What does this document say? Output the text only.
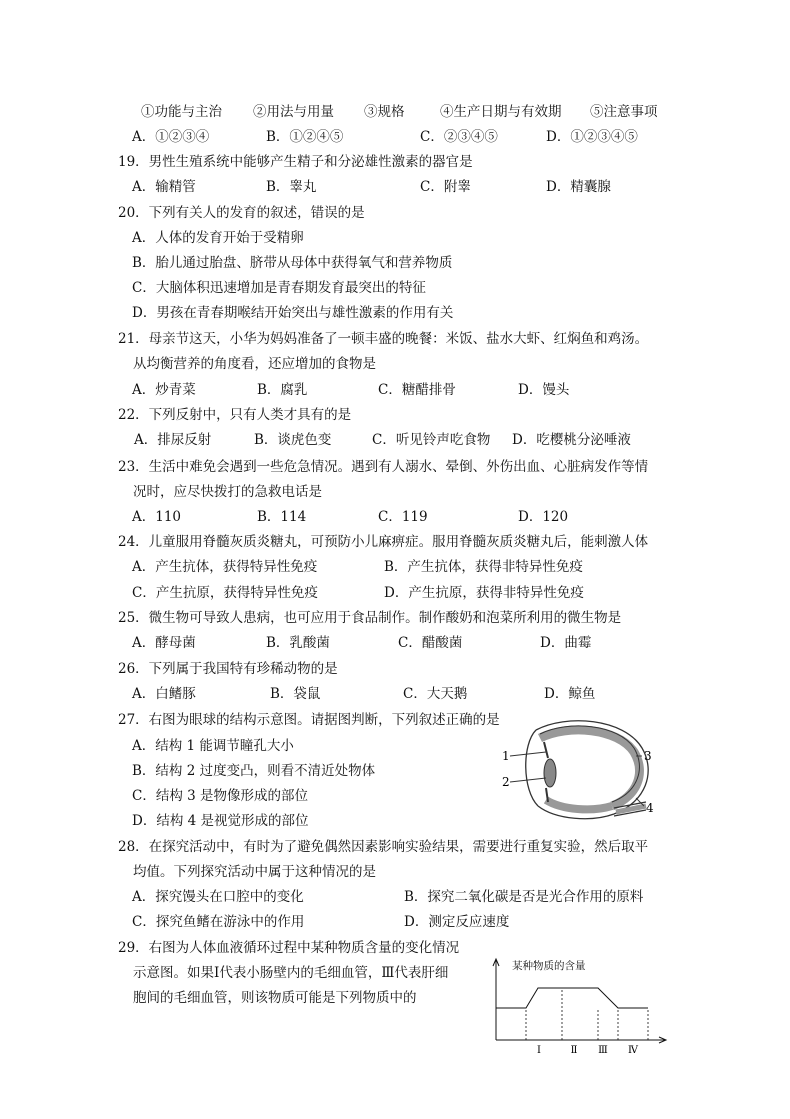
①功能与主治 ②用法与用量 ③规格	④生产日期与有效期 ⑤注意事项
A．①②③④	B．①②④⑤	C．②③④⑤	D．①②③④⑤
19．男性生殖系统中能够产生精子和分泌雄性激素的器官是
A．输精管	B．睾丸	C．附睾	D．精囊腺
20．下列有关人的发育的叙述，错误的是
A．人体的发育开始于受精卵
B．胎儿通过胎盘、脐带从母体中获得氧气和营养物质
C．大脑体积迅速增加是青春期发育最突出的特征
D．男孩在青春期喉结开始突出与雄性激素的作用有关
21．母亲节这天，小华为妈妈准备了一顿丰盛的晚餐：米饭、盐水大虾、红焖鱼和鸡汤。
从均衡营养的角度看，还应增加的食物是
A．炒青菜	B．腐乳	C．糖醋排骨	D．馒头
22．下列反射中，只有人类才具有的是
A．排尿反射	B．谈虎色变	C．听见铃声吃食物 D．吃樱桃分泌唾液
23．生活中难免会遇到一些危急情况。遇到有人溺水、晕倒、外伤出血、心脏病发作等情
况时，应尽快拨打的急救电话是
A．110	B．114	C．119	D．120
24．儿童服用脊髓灰质炎糖丸，可预防小儿麻痹症。服用脊髓灰质炎糖丸后，能刺激人体
A．产生抗体，获得特异性免疫	B．产生抗体，获得非特异性免疫
C．产生抗原，获得特异性免疫	D．产生抗原，获得非特异性免疫
25．微生物可导致人患病，也可应用于食品制作。制作酸奶和泡菜所利用的微生物是
A．酵母菌	B．乳酸菌	C．醋酸菌	D．曲霉
26．下列属于我国特有珍稀动物的是
A．白鳍豚	B．袋鼠	C．大天鹅	D．鲸鱼
27．右图为眼球的结构示意图。请据图判断，下列叙述正确的是
A．结构 1 能调节瞳孔大小
B．结构 2 过度变凸，则看不清近处物体
C．结构 3 是物像形成的部位
D．结构 4 是视觉形成的部位
1
2
3
4
28．在探究活动中，有时为了避免偶然因素影响实验结果，需要进行重复实验，然后取平
均值。下列探究活动中属于这种情况的是
A．探究馒头在口腔中的变化	B．探究二氧化碳是否是光合作用的原料
C．探究鱼鳍在游泳中的作用	D．测定反应速度
29．右图为人体血液循环过程中某种物质含量的变化情况
示意图。如果Ⅰ代表小肠壁内的毛细血管，Ⅲ代表肝细
胞间的毛细血管，则该物质可能是下列物质中的
某种物质的含量
Ⅰ	Ⅱ Ⅲ Ⅳ
